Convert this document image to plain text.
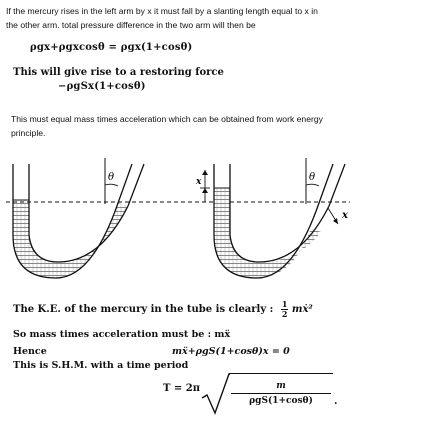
If the mercury rises in the left arm by x it must fall by a slanting length equal to x in
the other arm. total pressure difference in the two arm will then be
ρgx+ρgxcosθ = ρgx(1+cosθ)
This will give rise to a restoring force
−ρgSx(1+cosθ)
This must equal mass times acceleration which can be obtained from work energy
principle.
θ	θ
x
x
The K.E. of the mercury in the tube is clearly : $\frac{1}{2}$ mẋ²
So mass times acceleration must be : mẍ
Hence	mẍ+ρgS(1+cosθ)x = 0
This is S.H.M. with a time period
T = 2π	m
ρgS(1+cosθ)	.
